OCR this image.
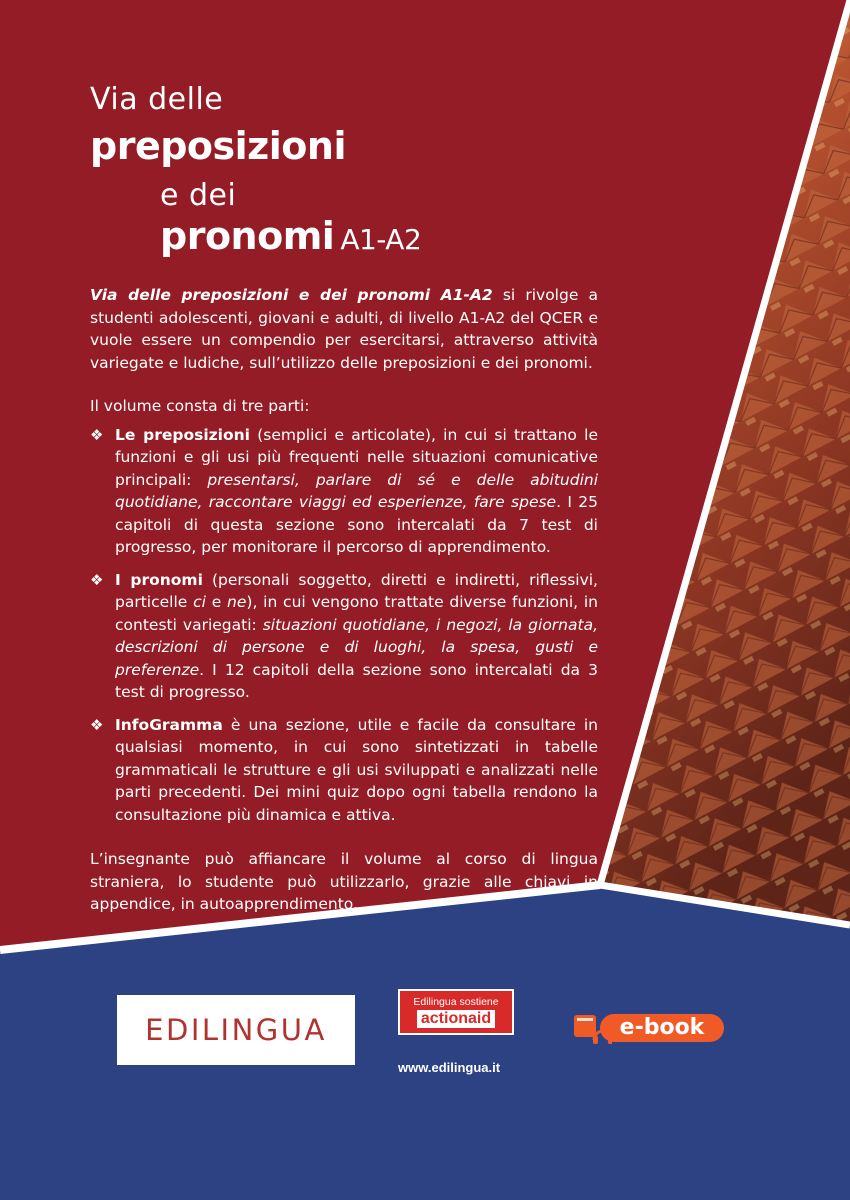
Via delle
preposizioni
e dei
pronomi A1-A2

Via delle preposizioni e dei pronomi A1-A2 si rivolge a studenti adolescenti, giovani e adulti, di livello A1-A2 del QCER e vuole essere un compendio per esercitarsi, attraverso attività variegate e ludiche, sull’utilizzo delle preposizioni e dei pronomi.

Il volume consta di tre parti:

❖ Le preposizioni (semplici e articolate), in cui si trattano le funzioni e gli usi più frequenti nelle situazioni comunicative principali: presentarsi, parlare di sé e delle abitudini quotidiane, raccontare viaggi ed esperienze, fare spese. I 25 capitoli di questa sezione sono intercalati da 7 test di progresso, per monitorare il percorso di apprendimento.
❖ I pronomi (personali soggetto, diretti e indiretti, riflessivi, particelle ci e ne), in cui vengono trattate diverse funzioni, in contesti variegati: situazioni quotidiane, i negozi, la giornata, descrizioni di persone e di luoghi, la spesa, gusti e preferenze. I 12 capitoli della sezione sono intercalati da 3 test di progresso.
❖ InfoGramma è una sezione, utile e facile da consultare in qualsiasi momento, in cui sono sintetizzati in tabelle grammaticali le strutture e gli usi sviluppati e analizzati nelle parti precedenti. Dei mini quiz dopo ogni tabella rendono la consultazione più dinamica e attiva.

L’insegnante può affiancare il volume al corso di lingua straniera, lo studente può utilizzarlo, grazie alle chiavi in appendice, in autoapprendimento.

EDILINGUA
Edilingua sostiene
actionaid
www.edilingua.it
e-book
